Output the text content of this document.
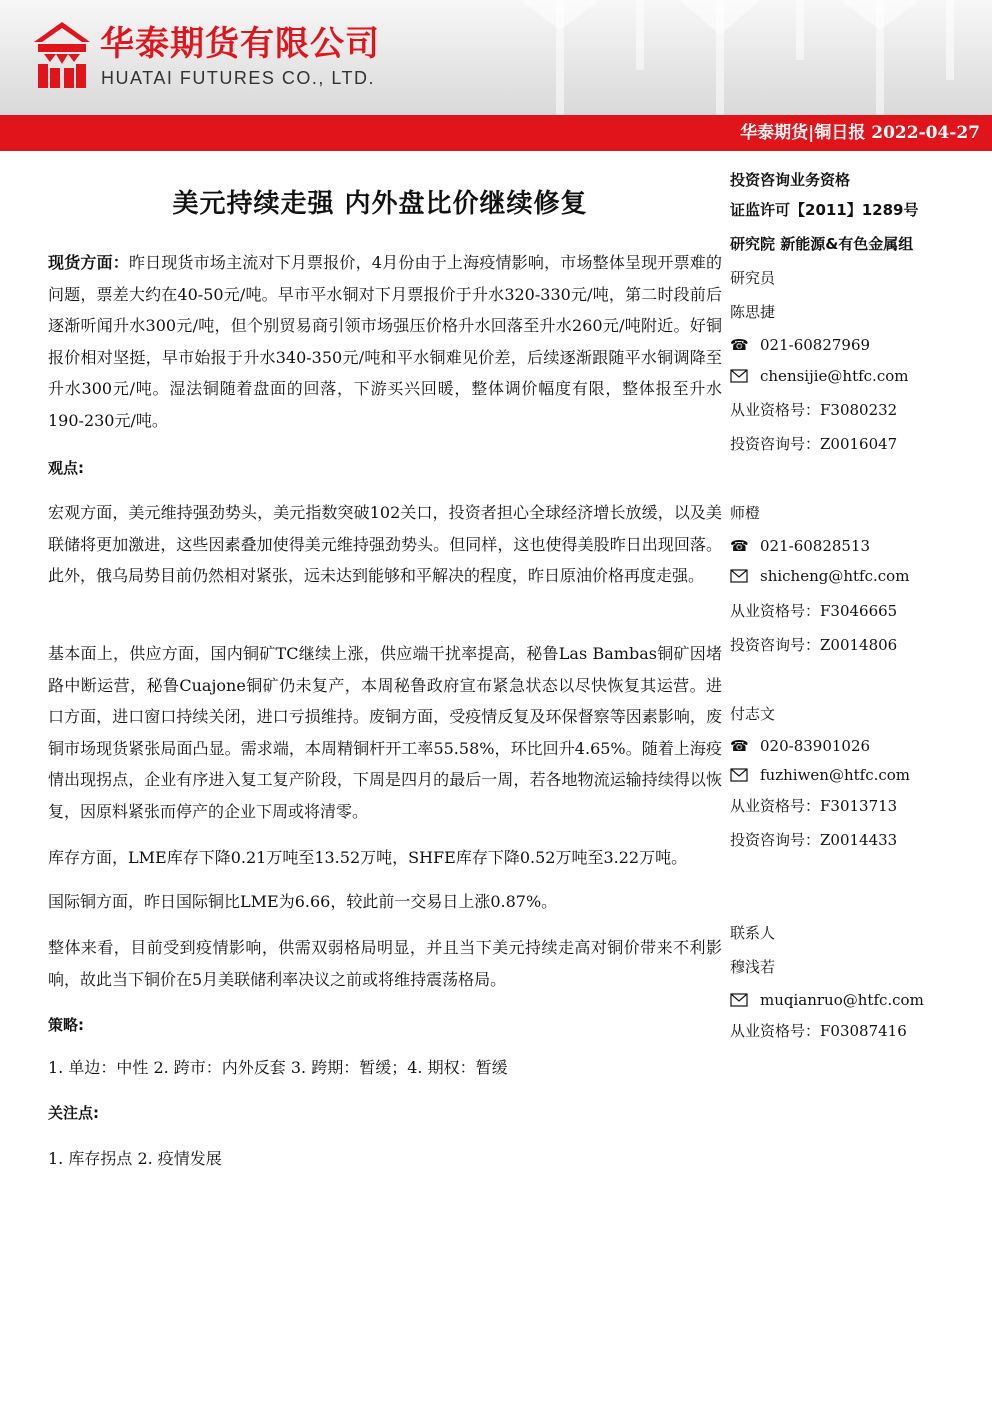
华泰期货有限公司
HUATAI FUTURES CO., LTD.
华泰期货|铜日报 2022-04-27
美元持续走强 内外盘比价继续修复
现货方面：昨日现货市场主流对下月票报价，4月份由于上海疫情影响，市场整体呈现开票难的问题，票差大约在40-50元/吨。早市平水铜对下月票报价于升水320-330元/吨，第二时段前后逐渐听闻升水300元/吨，但个别贸易商引领市场强压价格升水回落至升水260元/吨附近。好铜报价相对坚挺，早市始报于升水340-350元/吨和平水铜难见价差，后续逐渐跟随平水铜调降至升水300元/吨。湿法铜随着盘面的回落，下游买兴回暖，整体调价幅度有限，整体报至升水190-230元/吨。
观点:
宏观方面，美元维持强劲势头，美元指数突破102关口，投资者担心全球经济增长放缓，以及美联储将更加激进，这些因素叠加使得美元维持强劲势头。但同样，这也使得美股昨日出现回落。此外，俄乌局势目前仍然相对紧张，远未达到能够和平解决的程度，昨日原油价格再度走强。
基本面上，供应方面，国内铜矿TC继续上涨，供应端干扰率提高，秘鲁Las Bambas铜矿因堵路中断运营，秘鲁Cuajone铜矿仍未复产，本周秘鲁政府宣布紧急状态以尽快恢复其运营。进口方面，进口窗口持续关闭，进口亏损维持。废铜方面，受疫情反复及环保督察等因素影响，废铜市场现货紧张局面凸显。需求端，本周精铜杆开工率55.58%，环比回升4.65%。随着上海疫情出现拐点，企业有序进入复工复产阶段，下周是四月的最后一周，若各地物流运输持续得以恢复，因原料紧张而停产的企业下周或将清零。
库存方面，LME库存下降0.21万吨至13.52万吨，SHFE库存下降0.52万吨至3.22万吨。
国际铜方面，昨日国际铜比LME为6.66，较此前一交易日上涨0.87%。
整体来看，目前受到疫情影响，供需双弱格局明显，并且当下美元持续走高对铜价带来不利影响，故此当下铜价在5月美联储利率决议之前或将维持震荡格局。
策略:
1. 单边：中性 2. 跨市：内外反套 3. 跨期：暂缓；4. 期权：暂缓
关注点:
1. 库存拐点 2. 疫情发展
投资咨询业务资格
证监许可【2011】1289号
研究院 新能源&有色金属组
研究员
陈思捷
☎ 021-60827969
chensijie@htfc.com
从业资格号：F3080232
投资咨询号：Z0016047
师橙
☎ 021-60828513
shicheng@htfc.com
从业资格号：F3046665
投资咨询号：Z0014806
付志文
☎ 020-83901026
fuzhiwen@htfc.com
从业资格号：F3013713
投资咨询号：Z0014433
联系人
穆浅若
muqianruo@htfc.com
从业资格号：F03087416
